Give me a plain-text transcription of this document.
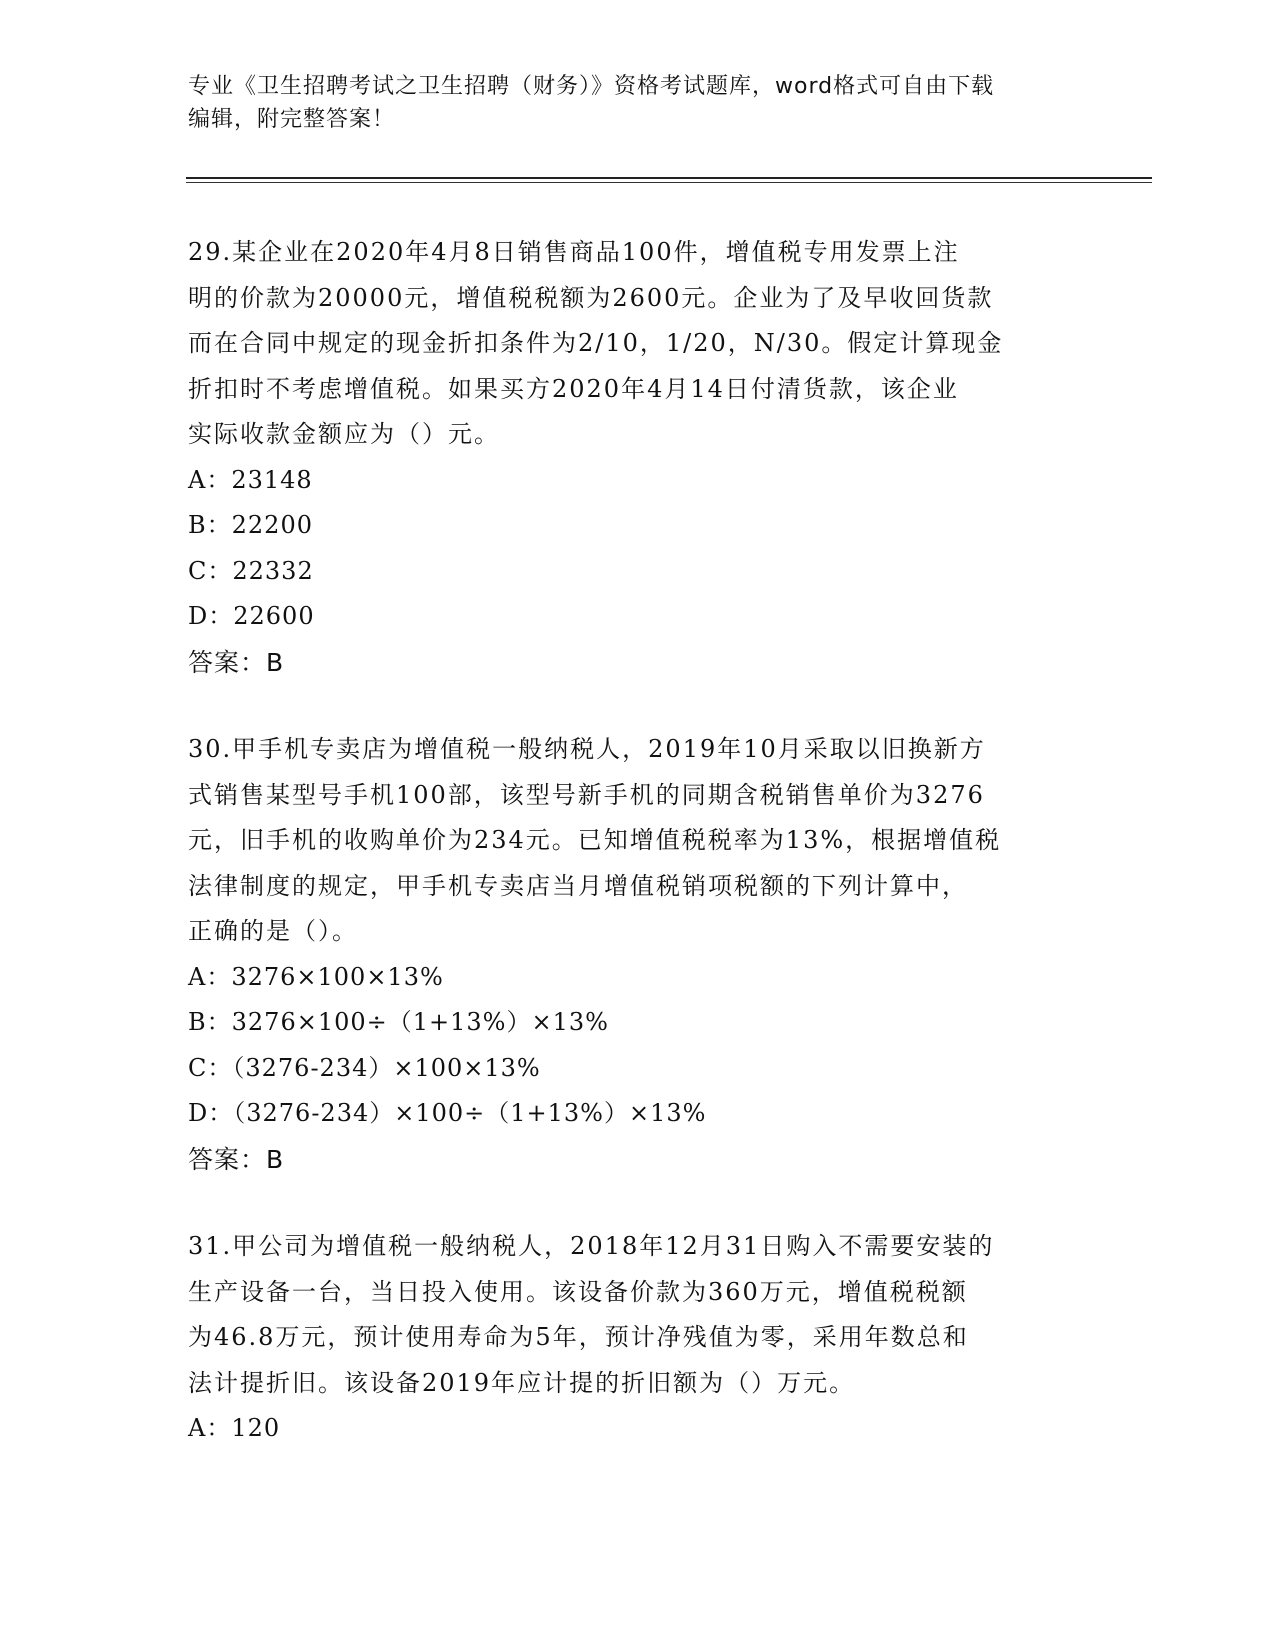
专业《卫生招聘考试之卫生招聘（财务）》资格考试题库，word格式可自由下载
编辑，附完整答案！

29.某企业在2020年4月8日销售商品100件，增值税专用发票上注

明的价款为20000元，增值税税额为2600元。企业为了及早收回货款

而在合同中规定的现金折扣条件为2/10，1/20，N/30。假定计算现金

折扣时不考虑增值税。如果买方2020年4月14日付清货款，该企业

实际收款金额应为（）元。

A：23148

B：22200

C：22332

D：22600

答案：B

30.甲手机专卖店为增值税一般纳税人，2019年10月采取以旧换新方

式销售某型号手机100部，该型号新手机的同期含税销售单价为3276

元，旧手机的收购单价为234元。已知增值税税率为13%，根据增值税

法律制度的规定，甲手机专卖店当月增值税销项税额的下列计算中，

正确的是（）。

A：3276×100×13%

B：3276×100÷（1+13%）×13%

C：（3276-234）×100×13%

D：（3276-234）×100÷（1+13%）×13%

答案：B

31.甲公司为增值税一般纳税人，2018年12月31日购入不需要安装的

生产设备一台，当日投入使用。该设备价款为360万元，增值税税额

为46.8万元，预计使用寿命为5年，预计净残值为零，采用年数总和

法计提折旧。该设备2019年应计提的折旧额为（）万元。

A：120
